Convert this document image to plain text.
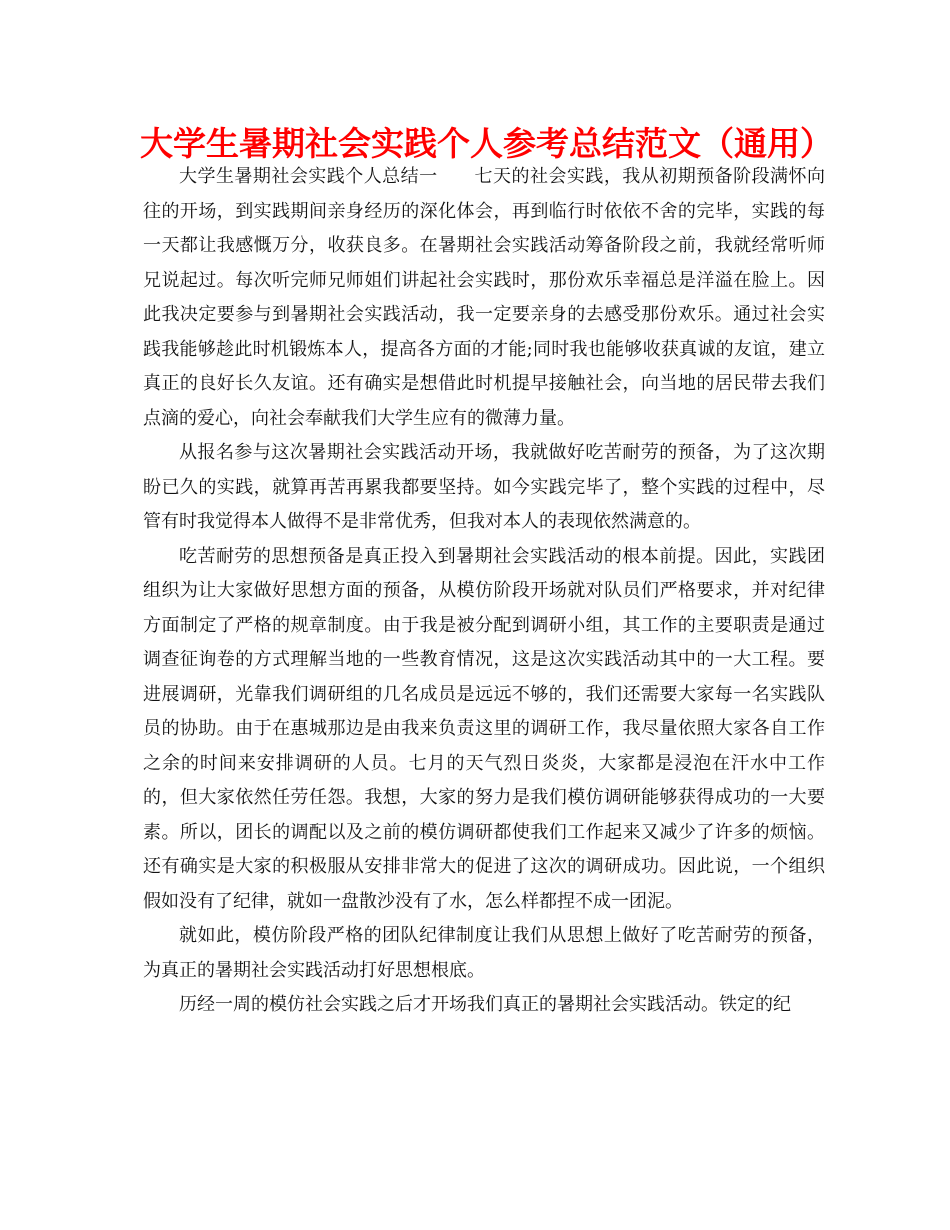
大学生暑期社会实践个人参考总结范文（通用）

大学生暑期社会实践个人总结一　　七天的社会实践，我从初期预备阶段满怀向往的开场，到实践期间亲身经历的深化体会，再到临行时依依不舍的完毕，实践的每一天都让我感慨万分，收获良多。在暑期社会实践活动筹备阶段之前，我就经常听师兄说起过。每次听完师兄师姐们讲起社会实践时，那份欢乐幸福总是洋溢在脸上。因此我决定要参与到暑期社会实践活动，我一定要亲身的去感受那份欢乐。通过社会实践我能够趁此时机锻炼本人，提高各方面的才能;同时我也能够收获真诚的友谊，建立真正的良好长久友谊。还有确实是想借此时机提早接触社会，向当地的居民带去我们点滴的爱心，向社会奉献我们大学生应有的微薄力量。

从报名参与这次暑期社会实践活动开场，我就做好吃苦耐劳的预备，为了这次期盼已久的实践，就算再苦再累我都要坚持。如今实践完毕了，整个实践的过程中，尽管有时我觉得本人做得不是非常优秀，但我对本人的表现依然满意的。

吃苦耐劳的思想预备是真正投入到暑期社会实践活动的根本前提。因此，实践团组织为让大家做好思想方面的预备，从模仿阶段开场就对队员们严格要求，并对纪律方面制定了严格的规章制度。由于我是被分配到调研小组，其工作的主要职责是通过调查征询卷的方式理解当地的一些教育情况，这是这次实践活动其中的一大工程。要进展调研，光靠我们调研组的几名成员是远远不够的，我们还需要大家每一名实践队员的协助。由于在惠城那边是由我来负责这里的调研工作，我尽量依照大家各自工作之余的时间来安排调研的人员。七月的天气烈日炎炎，大家都是浸泡在汗水中工作的，但大家依然任劳任怨。我想，大家的努力是我们模仿调研能够获得成功的一大要素。所以，团长的调配以及之前的模仿调研都使我们工作起来又减少了许多的烦恼。还有确实是大家的积极服从安排非常大的促进了这次的调研成功。因此说，一个组织假如没有了纪律，就如一盘散沙没有了水，怎么样都捏不成一团泥。

就如此，模仿阶段严格的团队纪律制度让我们从思想上做好了吃苦耐劳的预备，为真正的暑期社会实践活动打好思想根底。

历经一周的模仿社会实践之后才开场我们真正的暑期社会实践活动。铁定的纪
